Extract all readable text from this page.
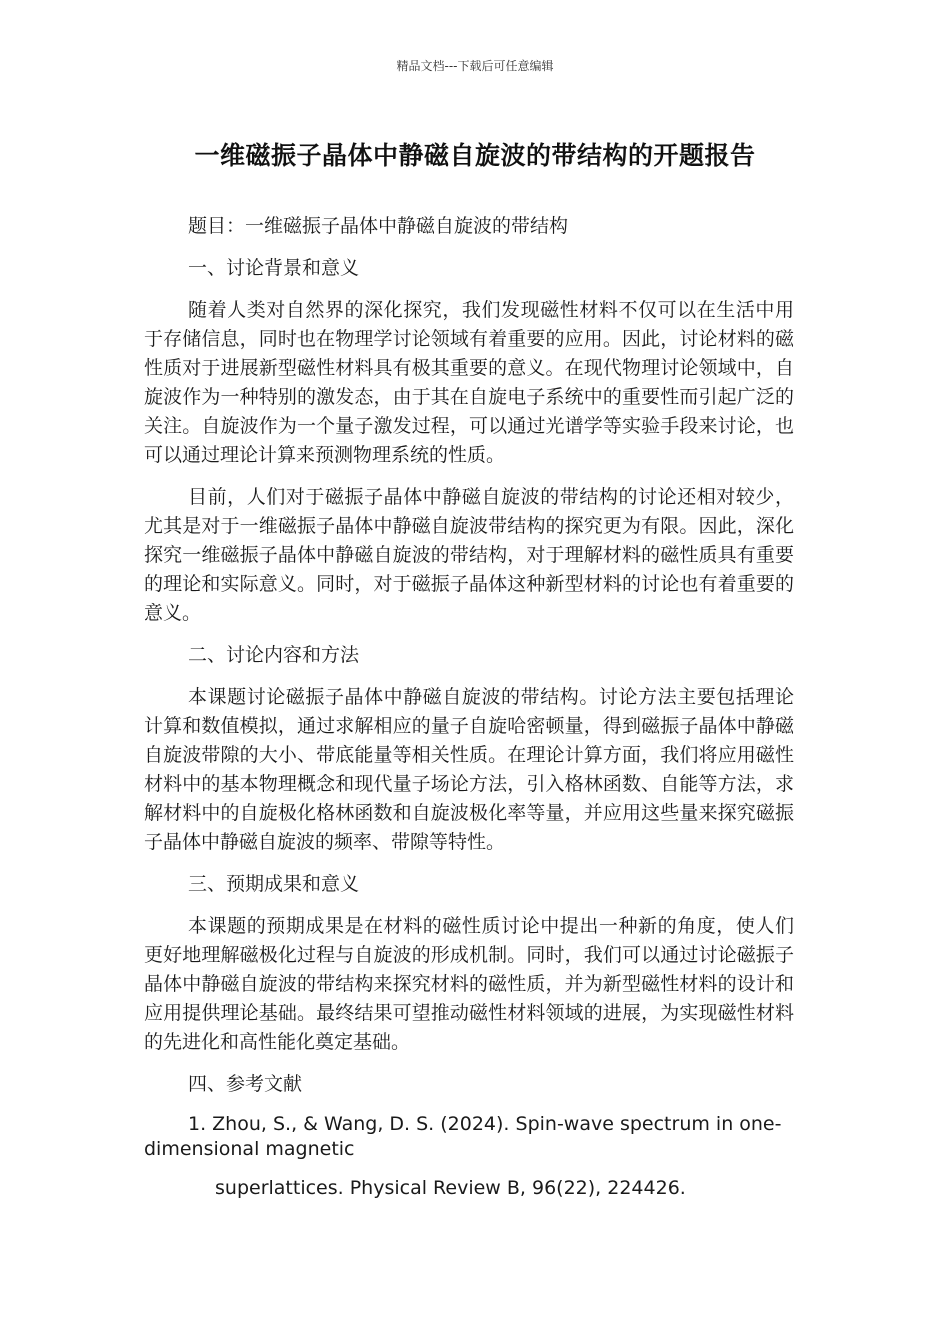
精品文档---下载后可任意编辑
一维磁振子晶体中静磁自旋波的带结构的开题报告
题目：一维磁振子晶体中静磁自旋波的带结构
一、讨论背景和意义

随着人类对自然界的深化探究，我们发现磁性材料不仅可以在生活中用于存储信息，同时也在物理学讨论领域有着重要的应用。因此，讨论材料的磁性质对于进展新型磁性材料具有极其重要的意义。在现代物理讨论领域中，自旋波作为一种特别的激发态，由于其在自旋电子系统中的重要性而引起广泛的关注。自旋波作为一个量子激发过程，可以通过光谱学等实验手段来讨论，也可以通过理论计算来预测物理系统的性质。

目前，人们对于磁振子晶体中静磁自旋波的带结构的讨论还相对较少，尤其是对于一维磁振子晶体中静磁自旋波带结构的探究更为有限。因此，深化探究一维磁振子晶体中静磁自旋波的带结构，对于理解材料的磁性质具有重要的理论和实际意义。同时，对于磁振子晶体这种新型材料的讨论也有着重要的意义。

二、讨论内容和方法

本课题讨论磁振子晶体中静磁自旋波的带结构。讨论方法主要包括理论计算和数值模拟，通过求解相应的量子自旋哈密顿量，得到磁振子晶体中静磁自旋波带隙的大小、带底能量等相关性质。在理论计算方面，我们将应用磁性材料中的基本物理概念和现代量子场论方法，引入格林函数、自能等方法，求解材料中的自旋极化格林函数和自旋波极化率等量，并应用这些量来探究磁振子晶体中静磁自旋波的频率、带隙等特性。

三、预期成果和意义

本课题的预期成果是在材料的磁性质讨论中提出一种新的角度，使人们更好地理解磁极化过程与自旋波的形成机制。同时，我们可以通过讨论磁振子晶体中静磁自旋波的带结构来探究材料的磁性质，并为新型磁性材料的设计和应用提供理论基础。最终结果可望推动磁性材料领域的进展，为实现磁性材料的先进化和高性能化奠定基础。

四、参考文献

1. Zhou, S., & Wang, D. S. (2024). Spin-wave spectrum in one-dimensional magnetic

superlattices. Physical Review B, 96(22), 224426.
